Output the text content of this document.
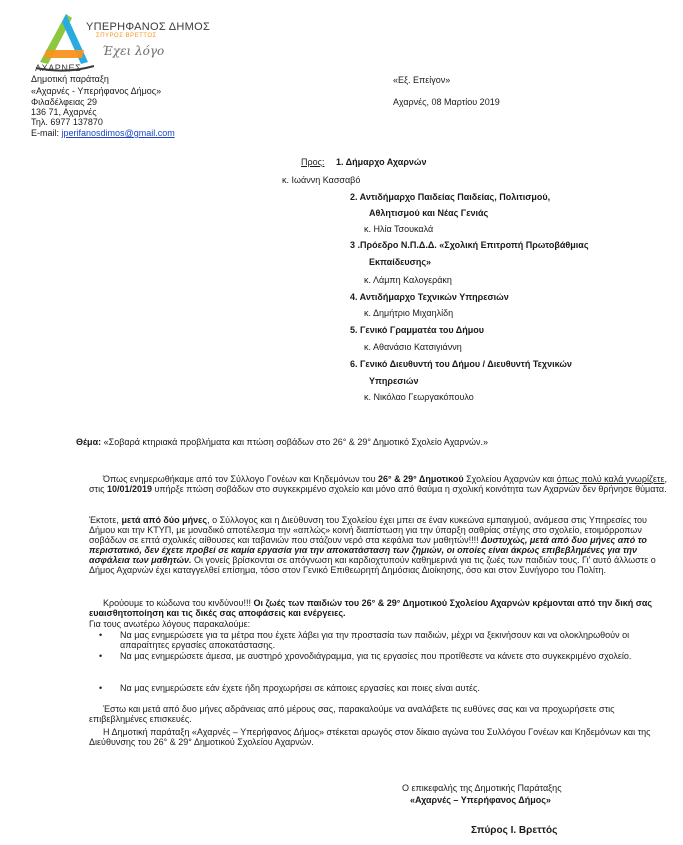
ΥΠΕΡΗΦΑΝΟΣ ΔΗΜΟΣ
ΣΠΥΡΟΣ ΒΡΕΤΤΟΣ
Έχει λόγο
ΑΧΑΡΝΕΣ
Δημοτική παράταξη
«Αχαρνές - Υπερήφανος Δήμος»
Φιλαδέλφειας 29
136 71, Αχαρνές
Τηλ. 6977 137870
E-mail: jperifanosdimos@gmail.com
«Εξ. Επείγον»
Αχαρνές, 08 Μαρτίου 2019
Προς: 1. Δήμαρχο Αχαρνών
κ. Ιωάννη Κασσαβό
2. Αντιδήμαρχο Παιδείας Παιδείας, Πολιτισμού,
Αθλητισμού και Νέας Γενιάς
κ. Ηλία Τσουκαλά
3 .Πρόεδρο Ν.Π.Δ.Δ. «Σχολική Επιτροπή Πρωτοβάθμιας
Εκπαίδευσης»
κ. Λάμπη Καλογεράκη
4. Αντιδήμαρχο Τεχνικών Υπηρεσιών
κ. Δημήτριο Μιχαηλίδη
5. Γενικό Γραμματέα του Δήμου
κ. Αθανάσιο Κατσιγιάννη
6. Γενικό Διευθυντή του Δήμου / Διευθυντή Τεχνικών
Υπηρεσιών
κ. Νικόλαο Γεωργακόπουλο
Θέμα: «Σοβαρά κτηριακά προβλήματα και πτώση σοβάδων στο 26° & 29° Δημοτικό Σχολείο Αχαρνών.»
Όπως ενημερωθήκαμε από τον Σύλλογο Γονέων και Κηδεμόνων του 26° & 29° Δημοτικού Σχολείου Αχαρνών και όπως πολύ καλά γνωρίζετε, στις 10/01/2019 υπήρξε πτώση σοβάδων στο συγκεκριμένο σχολείο και μόνο από θαύμα η σχολική κοινότητα των Αχαρνών δεν θρήνησε θύματα.
Έκτοτε, μετά από δύο μήνες, ο Σύλλογος και η Διεύθυνση του Σχολείου έχει μπει σε έναν κυκεώνα εμπαιγμού, ανάμεσα στις Υπηρεσίες του Δήμου και την ΚΤΥΠ, με μοναδικό αποτέλεσμα την «απλώς» κοινή διαπίστωση για την ύπαρξη σαθρίας στέγης στο σχολείο, ετοιμόρροπων σοβάδων σε επτά σχολικές αίθουσες και ταβανιών που στάζουν νερό στα κεφάλια των μαθητών!!!! Δυστυχώς, μετά από δυο μήνες από το περιστατικό, δεν έχετε προβεί σε καμία εργασία για την αποκατάσταση των ζημιών, οι οποίες είναι άκρως επιβεβλημένες για την ασφάλεια των μαθητών. Οι γονείς βρίσκονται σε απόγνωση και καρδιοχτυπούν καθημερινά για τις ζωές των παιδιών τους. Γι' αυτό άλλωστε ο Δήμος Αχαρνών έχει καταγγελθεί επίσημα, τόσο στον Γενικό Επιθεωρητή Δημόσιας Διοίκησης, όσο και στον Συνήγορο του Πολίτη.
Κρούουμε το κώδωνα του κινδύνου!!! Οι ζωές των παιδιών του 26° & 29° Δημοτικού Σχολείου Αχαρνών κρέμονται από την δική σας ευαισθητοποίηση και τις δικές σας αποφάσεις και ενέργειες.
Για τους ανωτέρω λόγους παρακαλούμε:
• Να μας ενημερώσετε για τα μέτρα που έχετε λάβει για την προστασία των παιδιών, μέχρι να ξεκινήσουν και να ολοκληρωθούν οι απαραίτητες εργασίες αποκατάστασης.
• Να μας ενημερώσετε άμεσα, με αυστηρό χρονοδιάγραμμα, για τις εργασίες που προτίθεστε να κάνετε στο συγκεκριμένο σχολείο.
• Να μας ενημερώσετε εάν έχετε ήδη προχωρήσει σε κάποιες εργασίες και ποιες είναι αυτές.
Έστω και μετά από δυο μήνες αδράνειας από μέρους σας, παρακαλούμε να αναλάβετε τις ευθύνες σας και να προχωρήσετε στις επιβεβλημένες επισκευές.
Η Δημοτική παράταξη «Αχαρνές – Υπερήφανος Δήμος» στέκεται αρωγός στον δίκαιο αγώνα του Συλλόγου Γονέων και Κηδεμόνων και της Διεύθυνσης του 26° & 29° Δημοτικού Σχολείου Αχαρνών.
Ο επικεφαλής της Δημοτικής Παράταξης
«Αχαρνές – Υπερήφανος Δήμος»
Σπύρος Ι. Βρεττός
